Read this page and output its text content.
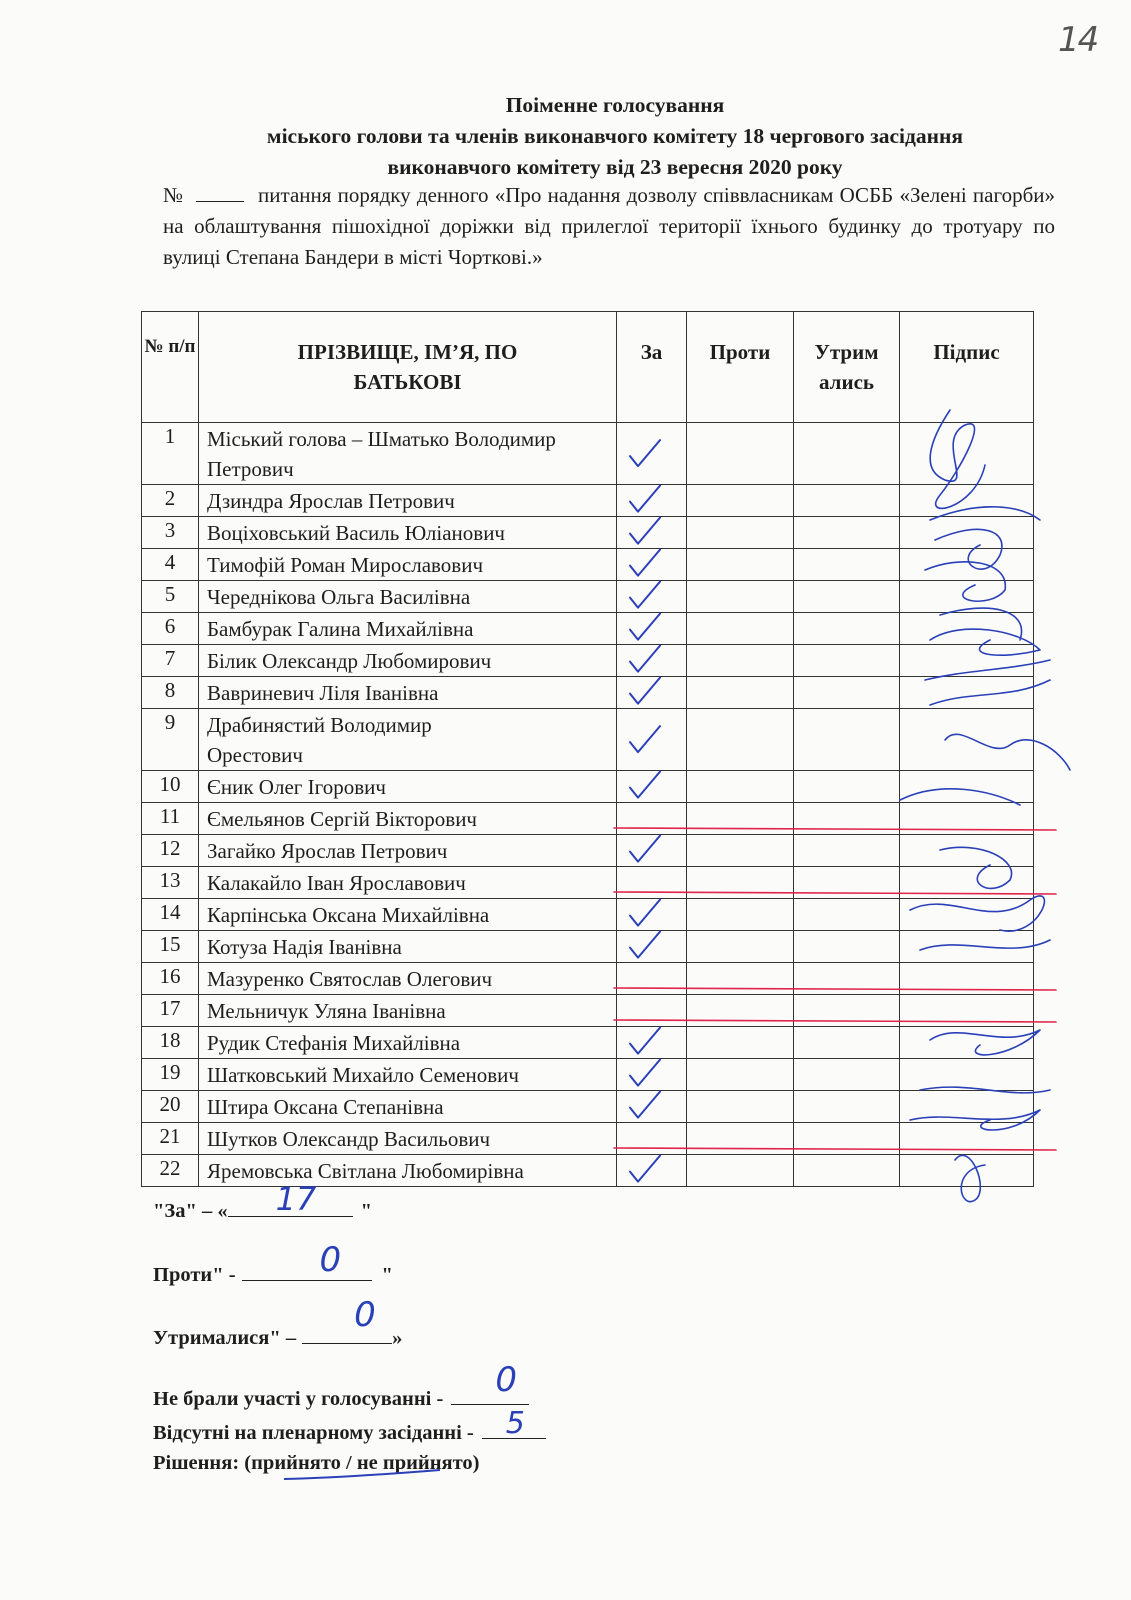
14
Поіменне голосування
міського голови та членів виконавчого комітету 18 чергового засідання
виконавчого комітету від 23 вересня 2020 року
№	питання порядку денного «Про надання дозволу співвласникам ОСББ «Зелені пагорби» на облаштування пішохідної доріжки від прилеглої території їхнього будинку до тротуару по вулиці Степана Бандери в місті Чорткові.»
№ п/п	ПРІЗВИЩЕ, ІМ’Я, ПО БАТЬКОВІ	За	Проти	Утрим ались	Підпис
1	Міський голова – Шматько Володимир Петрович				
2	Дзиндра Ярослав Петрович				
3	Воціховський Василь Юліанович				
4	Тимофій Роман Мирославович				
5	Череднікова Ольга Василівна				
6	Бамбурак Галина Михайлівна				
7	Білик Олександр Любомирович				
8	Вавриневич Ліля Іванівна				
9	Драбинястий Володимир Орестович				
10	Єник Олег Ігорович				
11	Ємельянов Сергій Вікторович				
12	Загайко Ярослав Петрович				
13	Калакайло Іван Ярославович				
14	Карпінська Оксана Михайлівна				
15	Котуза Надія Іванівна				
16	Мазуренко Святослав Олегович				
17	Мельничук Уляна Іванівна				
18	Рудик Стефанія Михайлівна				
19	Шатковський Михайло Семенович				
20	Штира Оксана Степанівна				
21	Шутков Олександр Васильович				
22	Яремовська Світлана Любомирівна				
"За" – « 17 "
Проти" - 0 "
Утрималися" –
0
»
Не брали участі у голосуванні - 0
Відсутні на пленарному засіданні - 5
Рішення: (прийнято / не прийнято)
